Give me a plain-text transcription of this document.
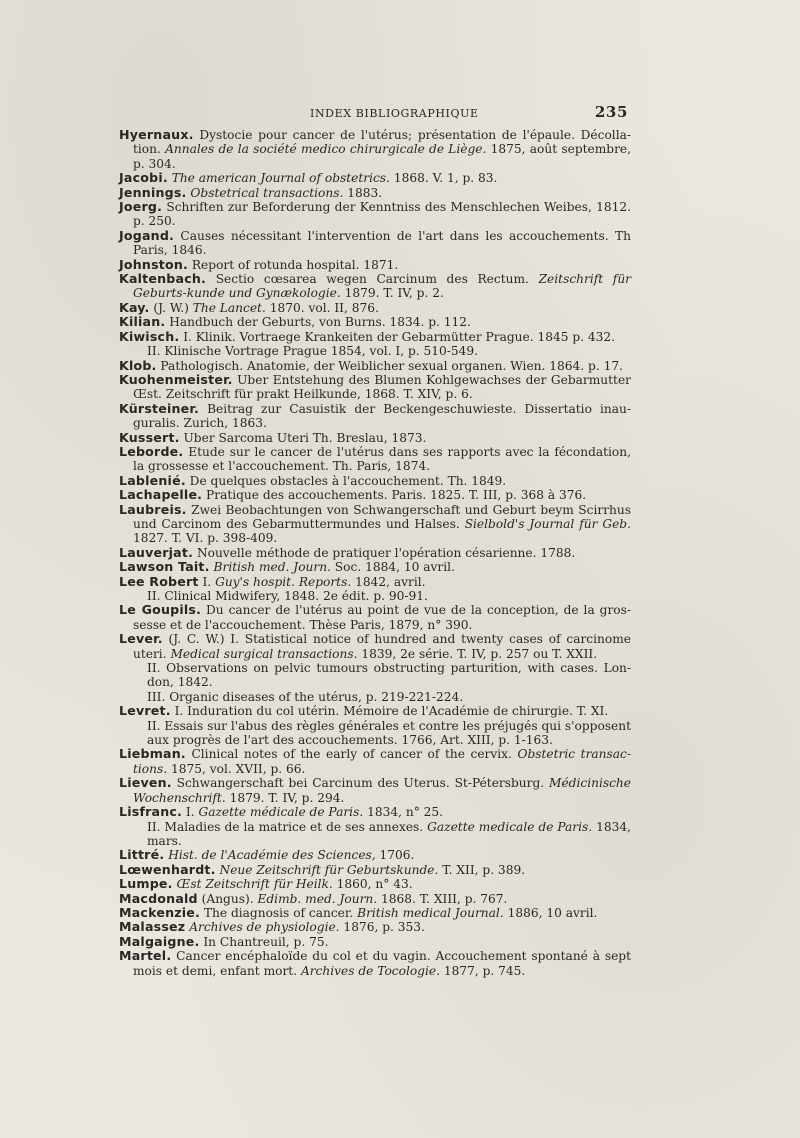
INDEX BIBLIOGRAPHIQUE	235

Hyernaux. Dystocie pour cancer de l'utérus; présentation de l'épaule. Décolla-tion. Annales de la société medico chirurgicale de Liège. 1875, août septembre, p. 304.

Jacobi. The american Journal of obstetrics. 1868. V. 1, p. 83.

Jennings. Obstetrical transactions. 1883.

Joerg. Schriften zur Beforderung der Kenntniss des Menschlechen Weibes, 1812. p. 250.

Jogand. Causes nécessitant l'intervention de l'art dans les accouchements. Th Paris, 1846.

Johnston. Report of rotunda hospital. 1871.

Kaltenbach. Sectio cœsarea wegen Carcinum des Rectum. Zeitschrift für Geburts-kunde und Gynækologie. 1879. T. IV, p. 2.

Kay. (J. W.) The Lancet. 1870. vol. II, 876.

Kilian. Handbuch der Geburts, von Burns. 1834. p. 112.

Kiwisch. I. Klinik. Vortraege Krankeiten der Gebarmütter Prague. 1845 p. 432.
II. Klinische Vortrage Prague 1854, vol. I, p. 510-549.

Klob. Pathologisch. Anatomie, der Weiblicher sexual organen. Wien. 1864. p. 17.

Kuohenmeister. Uber Entstehung des Blumen Kohlgewachses der Gebarmutter Œst. Zeitschrift für prakt Heilkunde, 1868. T. XIV, p. 6.

Kürsteiner. Beitrag zur Casuistik der Beckengeschuwieste. Dissertatio inau-guralis. Zurich, 1863.

Kussert. Uber Sarcoma Uteri Th. Breslau, 1873.

Leborde. Etude sur le cancer de l'utérus dans ses rapports avec la fécondation, la grossesse et l'accouchement. Th. Paris, 1874.

Lablenié. De quelques obstacles à l'accouchement. Th. 1849.

Lachapelle. Pratique des accouchements. Paris. 1825. T. III, p. 368 à 376.

Laubreis. Zwei Beobachtungen von Schwangerschaft und Geburt beym Scirrhus und Carcinom des Gebarmuttermundes und Halses. Sielbold's Journal für Geb. 1827. T. VI. p. 398-409.

Lauverjat. Nouvelle méthode de pratiquer l'opération césarienne. 1788.

Lawson Tait. British med. Journ. Soc. 1884, 10 avril.

Lee Robert I. Guy's hospit. Reports. 1842, avril.
II. Clinical Midwifery, 1848. 2e édit. p. 90-91.

Le Goupils. Du cancer de l'utérus au point de vue de la conception, de la gros-sesse et de l'accouchement. Thèse Paris, 1879, n° 390.

Lever. (J. C. W.) I. Statistical notice of hundred and twenty cases of carcinome uteri. Medical surgical transactions. 1839, 2e série. T. IV, p. 257 ou T. XXII.
II. Observations on pelvic tumours obstructing parturition, with cases. Lon-don, 1842.
III. Organic diseases of the utérus, p. 219-221-224.

Levret. I. Induration du col utérin. Mémoire de l'Académie de chirurgie. T. XI.
II. Essais sur l'abus des règles générales et contre les préjugés qui s'opposent aux progrès de l'art des accouchements. 1766, Art. XIII, p. 1-163.

Liebman. Clinical notes of the early of cancer of the cervix. Obstetric transac-tions. 1875, vol. XVII, p. 66.

Lieven. Schwangerschaft bei Carcinum des Uterus. St-Pétersburg. Médicinische Wochenschrift. 1879. T. IV, p. 294.

Lisfranc. I. Gazette médicale de Paris. 1834, n° 25.
II. Maladies de la matrice et de ses annexes. Gazette medicale de Paris. 1834, mars.

Littré. Hist. de l'Académie des Sciences, 1706.

Lœwenhardt. Neue Zeitschrift für Geburtskunde. T. XII, p. 389.

Lumpe. Œst Zeitschrift für Heilk. 1860, n° 43.

Macdonald (Angus). Edimb. med. Journ. 1868. T. XIII, p. 767.

Mackenzie. The diagnosis of cancer. British medical Journal. 1886, 10 avril.

Malassez Archives de physiologie. 1876, p. 353.

Malgaigne. In Chantreuil, p. 75.

Martel. Cancer encéphaloïde du col et du vagin. Accouchement spontané à sept mois et demi, enfant mort. Archives de Tocologie. 1877, p. 745.
